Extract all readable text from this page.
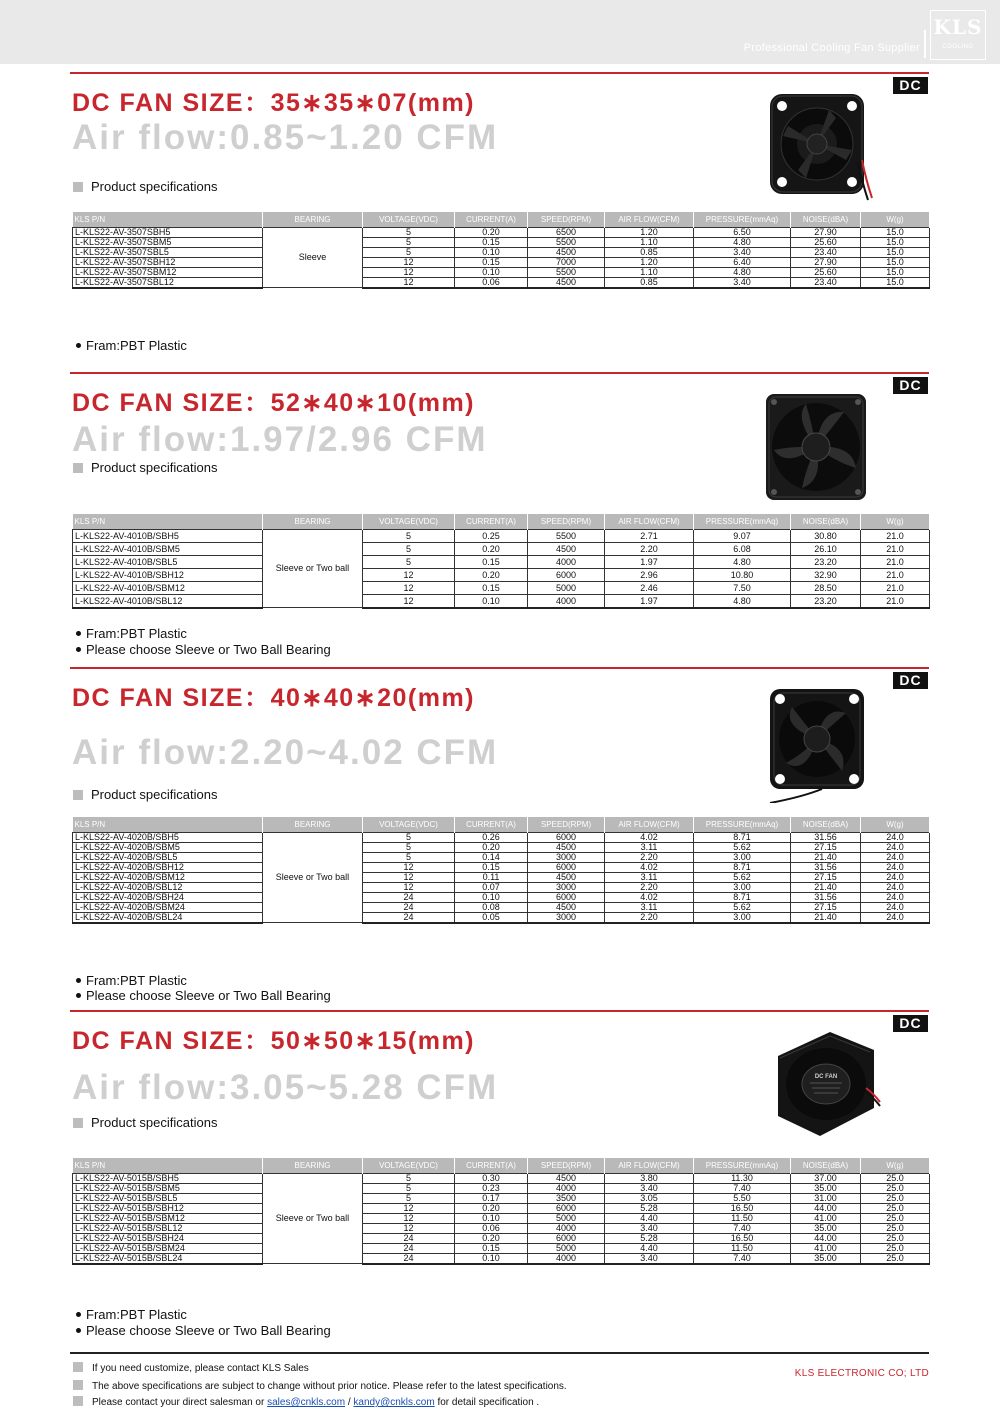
Professional Cooling Fan Supplier
KLS
COOLING
DC
DC FAN SIZE：35∗35∗07(mm)
Air flow:0.85~1.20 CFM
Product specifications
KLS P/N	BEARING	VOLTAGE(VDC)	CURRENT(A)	SPEED(RPM)	AIR FLOW(CFM)	PRESSURE(mmAq)	NOISE(dBA)	W(g)
L-KLS22-AV-3507SBH5	Sleeve	5	0.20	6500	1.20	6.50	27.90	15.0
L-KLS22-AV-3507SBM5		5	0.15	5500	1.10	4.80	25.60	15.0
L-KLS22-AV-3507SBL5		5	0.10	4500	0.85	3.40	23.40	15.0
L-KLS22-AV-3507SBH12		12	0.15	7000	1.20	6.40	27.90	15.0
L-KLS22-AV-3507SBM12		12	0.10	5500	1.10	4.80	25.60	15.0
L-KLS22-AV-3507SBL12		12	0.06	4500	0.85	3.40	23.40	15.0
Fram:PBT Plastic
DC
DC FAN SIZE：52∗40∗10(mm)
Air flow:1.97/2.96 CFM
Product specifications
KLS P/N	BEARING	VOLTAGE(VDC)	CURRENT(A)	SPEED(RPM)	AIR FLOW(CFM)	PRESSURE(mmAq)	NOISE(dBA)	W(g)
L-KLS22-AV-4010B/SBH5	Sleeve or Two ball	5	0.25	5500	2.71	9.07	30.80	21.0
L-KLS22-AV-4010B/SBM5		5	0.20	4500	2.20	6.08	26.10	21.0
L-KLS22-AV-4010B/SBL5		5	0.15	4000	1.97	4.80	23.20	21.0
L-KLS22-AV-4010B/SBH12		12	0.20	6000	2.96	10.80	32.90	21.0
L-KLS22-AV-4010B/SBM12		12	0.15	5000	2.46	7.50	28.50	21.0
L-KLS22-AV-4010B/SBL12		12	0.10	4000	1.97	4.80	23.20	21.0
Fram:PBT Plastic
Please choose Sleeve or Two Ball Bearing
DC
DC FAN SIZE：40∗40∗20(mm)
Air flow:2.20~4.02 CFM
Product specifications
KLS P/N	BEARING	VOLTAGE(VDC)	CURRENT(A)	SPEED(RPM)	AIR FLOW(CFM)	PRESSURE(mmAq)	NOISE(dBA)	W(g)
L-KLS22-AV-4020B/SBH5	Sleeve or Two ball	5	0.26	6000	4.02	8.71	31.56	24.0
L-KLS22-AV-4020B/SBM5		5	0.20	4500	3.11	5.62	27.15	24.0
L-KLS22-AV-4020B/SBL5		5	0.14	3000	2.20	3.00	21.40	24.0
L-KLS22-AV-4020B/SBH12		12	0.15	6000	4.02	8.71	31.56	24.0
L-KLS22-AV-4020B/SBM12		12	0.11	4500	3.11	5.62	27.15	24.0
L-KLS22-AV-4020B/SBL12		12	0.07	3000	2.20	3.00	21.40	24.0
L-KLS22-AV-4020B/SBH24		24	0.10	6000	4.02	8.71	31.56	24.0
L-KLS22-AV-4020B/SBM24		24	0.08	4500	3.11	5.62	27.15	24.0
L-KLS22-AV-4020B/SBL24		24	0.05	3000	2.20	3.00	21.40	24.0
Fram:PBT Plastic
Please choose Sleeve or Two Ball Bearing
DC
DC FAN SIZE：50∗50∗15(mm)
Air flow:3.05~5.28 CFM
Product specifications
DC FAN
KLS P/N	BEARING	VOLTAGE(VDC)	CURRENT(A)	SPEED(RPM)	AIR FLOW(CFM)	PRESSURE(mmAq)	NOISE(dBA)	W(g)
L-KLS22-AV-5015B/SBH5	Sleeve or Two ball	5	0.30	4500	3.80	11.30	37.00	25.0
L-KLS22-AV-5015B/SBM5		5	0.23	4000	3.40	7.40	35.00	25.0
L-KLS22-AV-5015B/SBL5		5	0.17	3500	3.05	5.50	31.00	25.0
L-KLS22-AV-5015B/SBH12		12	0.20	6000	5.28	16.50	44.00	25.0
L-KLS22-AV-5015B/SBM12		12	0.10	5000	4.40	11.50	41.00	25.0
L-KLS22-AV-5015B/SBL12		12	0.06	4000	3.40	7.40	35.00	25.0
L-KLS22-AV-5015B/SBH24		24	0.20	6000	5.28	16.50	44.00	25.0
L-KLS22-AV-5015B/SBM24		24	0.15	5000	4.40	11.50	41.00	25.0
L-KLS22-AV-5015B/SBL24		24	0.10	4000	3.40	7.40	35.00	25.0
Fram:PBT Plastic
Please choose Sleeve or Two Ball Bearing
If you need customize, please contact KLS Sales
The above specifications are subject to change without prior notice. Please refer to the latest specifications.
Please contact your direct salesman or sales@cnkls.com / kandy@cnkls.com for detail specification .
KLS ELECTRONIC CO; LTD
